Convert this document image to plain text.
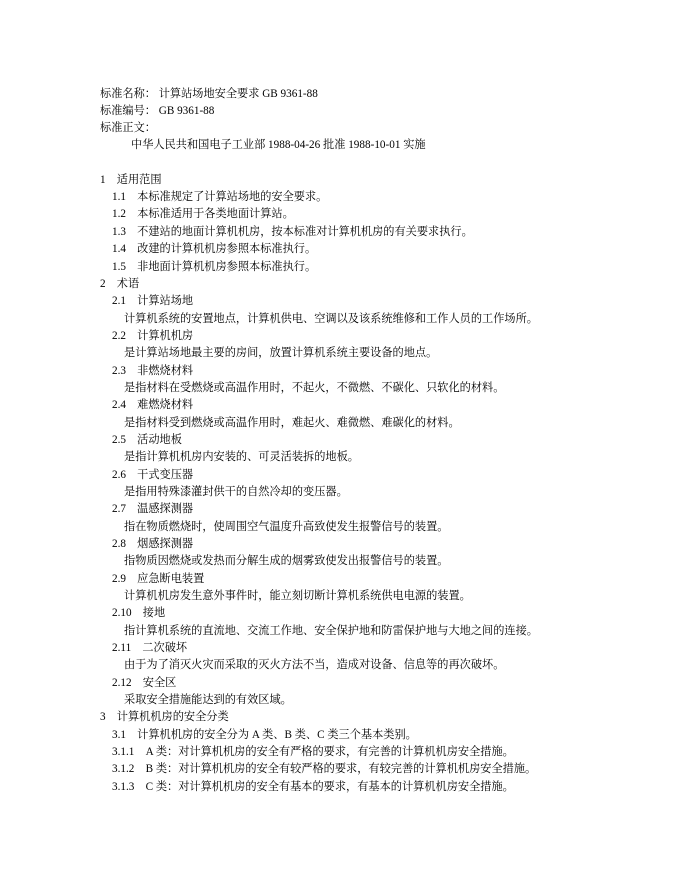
标准名称： 计算站场地安全要求 GB 9361-88
标准编号： GB 9361-88
标准正文：
中华人民共和国电子工业部 1988-04-26 批准 1988-10-01 实施
1　适用范围
1.1　本标准规定了计算站场地的安全要求。
1.2　本标准适用于各类地面计算站。
1.3　不建站的地面计算机机房，按本标准对计算机机房的有关要求执行。
1.4　改建的计算机机房参照本标准执行。
1.5　非地面计算机机房参照本标准执行。
2　术语
2.1　计算站场地
计算机系统的安置地点，计算机供电、空调以及该系统维修和工作人员的工作场所。
2.2　计算机机房
是计算站场地最主要的房间，放置计算机系统主要设备的地点。
2.3　非燃烧材料
是指材料在受燃烧或高温作用时，不起火，不微燃、不碳化、只软化的材料。
2.4　难燃烧材料
是指材料受到燃烧或高温作用时，难起火、难微燃、难碳化的材料。
2.5　活动地板
是指计算机机房内安装的、可灵活装拆的地板。
2.6　干式变压器
是指用特殊漆灌封供干的自然冷却的变压器。
2.7　温感探测器
指在物质燃烧时，使周围空气温度升高致使发生报警信号的装置。
2.8　烟感探测器
指物质因燃烧或发热而分解生成的烟雾致使发出报警信号的装置。
2.9　应急断电装置
计算机机房发生意外事件时，能立刻切断计算机系统供电电源的装置。
2.10　接地
指计算机系统的直流地、交流工作地、安全保护地和防雷保护地与大地之间的连接。
2.11　二次破坏
由于为了消灭火灾而采取的灭火方法不当，造成对设备、信息等的再次破坏。
2.12　安全区
采取安全措施能达到的有效区域。
3　计算机机房的安全分类
3.1　计算机机房的安全分为 A 类、B 类、C 类三个基本类别。
3.1.1　A 类：对计算机机房的安全有严格的要求，有完善的计算机机房安全措施。
3.1.2　B 类：对计算机机房的安全有较严格的要求，有较完善的计算机机房安全措施。
3.1.3　C 类：对计算机机房的安全有基本的要求，有基本的计算机机房安全措施。
